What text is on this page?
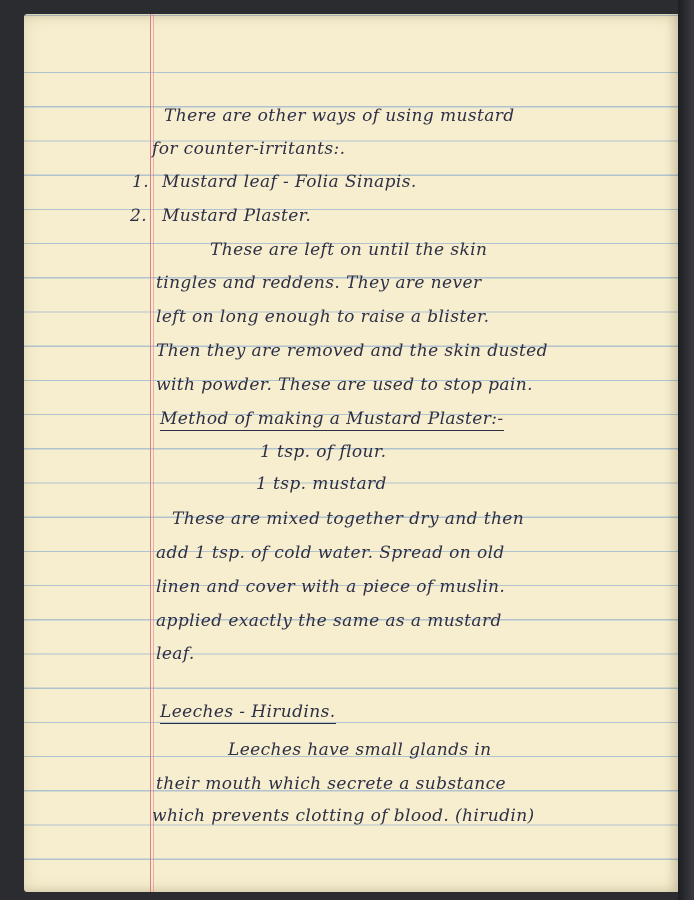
There are other ways of using mustard
for counter-irritants:.
1. Mustard leaf - Folia Sinapis.
2. Mustard Plaster.
These are left on until the skin
tingles and reddens. They are never
left on long enough to raise a blister.
Then they are removed and the skin dusted
with powder. These are used to stop pain.
Method of making a Mustard Plaster:-
1 tsp. of flour.
1 tsp. mustard
These are mixed together dry and then
add 1 tsp. of cold water. Spread on old
linen and cover with a piece of muslin.
applied exactly the same as a mustard
leaf.
Leeches - Hirudins.
Leeches have small glands in
their mouth which secrete a substance
which prevents clotting of blood. (hirudin)
